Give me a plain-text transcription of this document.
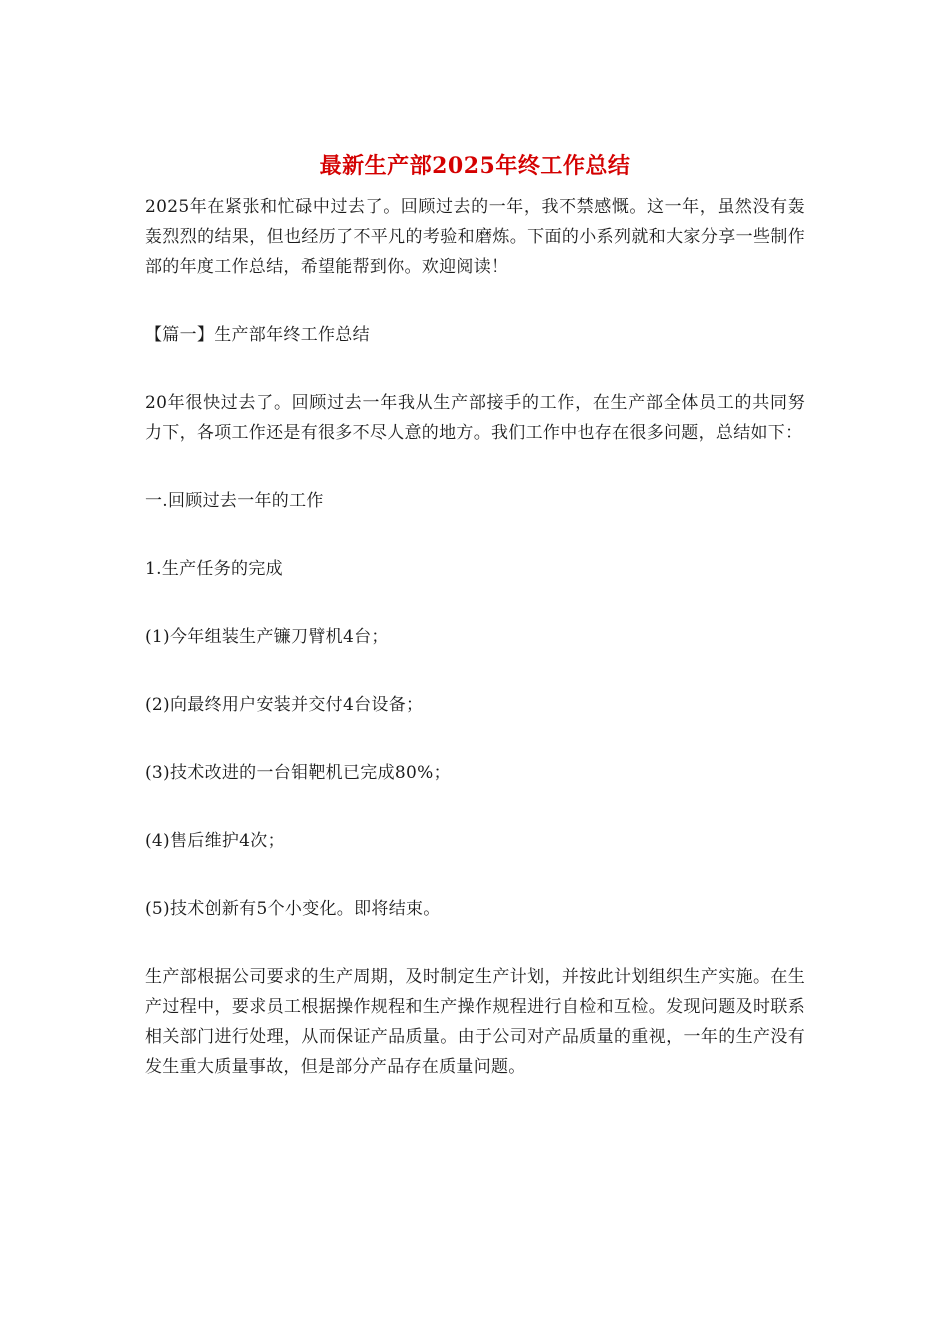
最新生产部2025年终工作总结

2025年在紧张和忙碌中过去了。回顾过去的一年，我不禁感慨。这一年，虽然没有轰轰烈烈的结果，但也经历了不平凡的考验和磨炼。下面的小系列就和大家分享一些制作部的年度工作总结，希望能帮到你。欢迎阅读！

【篇一】生产部年终工作总结

20年很快过去了。回顾过去一年我从生产部接手的工作，在生产部全体员工的共同努力下，各项工作还是有很多不尽人意的地方。我们工作中也存在很多问题，总结如下：

一.回顾过去一年的工作

1.生产任务的完成

(1)今年组装生产镰刀臂机4台；

(2)向最终用户安装并交付4台设备；

(3)技术改进的一台钼靶机已完成80%；

(4)售后维护4次；

(5)技术创新有5个小变化。即将结束。

生产部根据公司要求的生产周期，及时制定生产计划，并按此计划组织生产实施。在生产过程中，要求员工根据操作规程和生产操作规程进行自检和互检。发现问题及时联系相关部门进行处理，从而保证产品质量。由于公司对产品质量的重视，一年的生产没有发生重大质量事故，但是部分产品存在质量问题。
